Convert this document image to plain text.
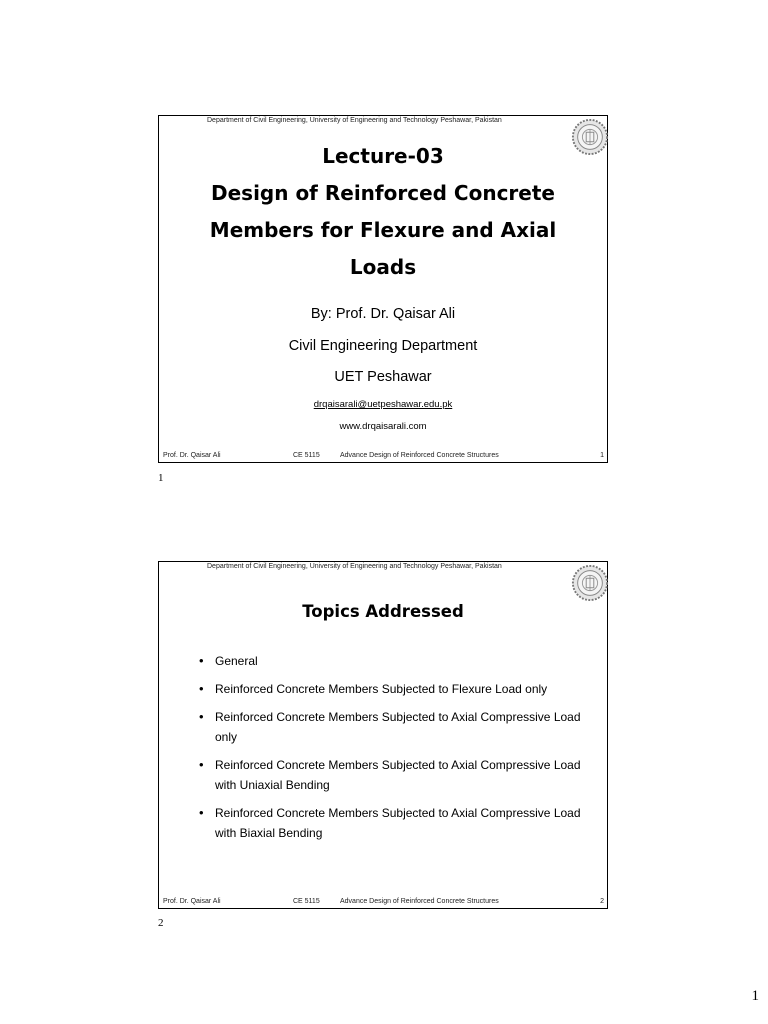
Department of Civil Engineering, University of Engineering and Technology Peshawar, Pakistan
Lecture-03
Design of Reinforced Concrete
Members for Flexure and Axial
Loads
By: Prof. Dr. Qaisar Ali
Civil Engineering Department
UET Peshawar
drqaisarali@uetpeshawar.edu.pk
www.drqaisarali.com
Prof. Dr. Qaisar Ali	CE 5115	Advance Design of Reinforced Concrete Structures	1
1
Department of Civil Engineering, University of Engineering and Technology Peshawar, Pakistan
Topics Addressed
• General
• Reinforced Concrete Members Subjected to Flexure Load only
• Reinforced Concrete Members Subjected to Axial Compressive Load only
• Reinforced Concrete Members Subjected to Axial Compressive Load with Uniaxial Bending
• Reinforced Concrete Members Subjected to Axial Compressive Load with Biaxial Bending
Prof. Dr. Qaisar Ali	CE 5115	Advance Design of Reinforced Concrete Structures	2
2
1
